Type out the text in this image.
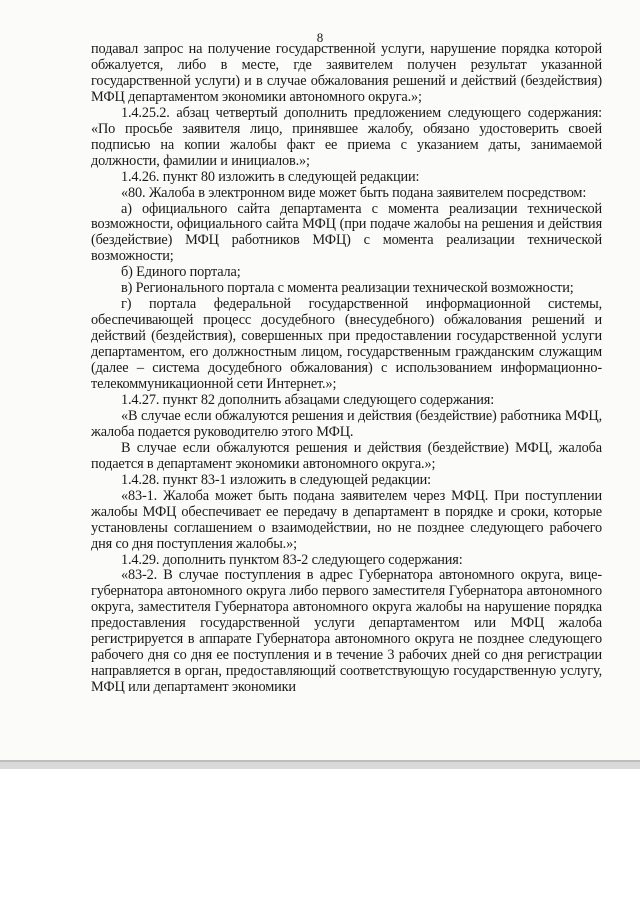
8

подавал запрос на получение государственной услуги, нарушение порядка которой обжалуется, либо в месте, где заявителем получен результат указанной государственной услуги) и в случае обжалования решений и действий (бездействия) МФЦ департаментом экономики автономного округа.»;

1.4.25.2. абзац четвертый дополнить предложением следующего содержания: «По просьбе заявителя лицо, принявшее жалобу, обязано удостоверить своей подписью на копии жалобы факт ее приема с указанием даты, занимаемой должности, фамилии и инициалов.»;

1.4.26. пункт 80 изложить в следующей редакции:

«80. Жалоба в электронном виде может быть подана заявителем посредством:

а) официального сайта департамента с момента реализации технической возможности, официального сайта МФЦ (при подаче жалобы на решения и действия (бездействие) МФЦ работников МФЦ) с момента реализации технической возможности;

б) Единого портала;

в) Регионального портала с момента реализации технической возможности;

г) портала федеральной государственной информационной системы, обеспечивающей процесс досудебного (внесудебного) обжалования решений и действий (бездействия), совершенных при предоставлении государственной услуги департаментом, его должностным лицом, государственным гражданским служащим (далее – система досудебного обжалования) с использованием информационно-телекоммуникационной сети Интернет.»;

1.4.27. пункт 82 дополнить абзацами следующего содержания:

«В случае если обжалуются решения и действия (бездействие) работника МФЦ, жалоба подается руководителю этого МФЦ.

В случае если обжалуются решения и действия (бездействие) МФЦ, жалоба подается в департамент экономики автономного округа.»;

1.4.28. пункт 83-1 изложить в следующей редакции:

«83-1. Жалоба может быть подана заявителем через МФЦ. При поступлении жалобы МФЦ обеспечивает ее передачу в департамент в порядке и сроки, которые установлены соглашением о взаимодействии, но не позднее следующего рабочего дня со дня поступления жалобы.»;

1.4.29. дополнить пунктом 83-2 следующего содержания:

«83-2. В случае поступления в адрес Губернатора автономного округа, вице-губернатора автономного округа либо первого заместителя Губернатора автономного округа, заместителя Губернатора автономного округа жалобы на нарушение порядка предоставления государственной услуги департаментом или МФЦ жалоба регистрируется в аппарате Губернатора автономного округа не позднее следующего рабочего дня со дня ее поступления и в течение 3 рабочих дней со дня регистрации направляется в орган, предоставляющий соответствующую государственную услугу, МФЦ или департамент экономики
